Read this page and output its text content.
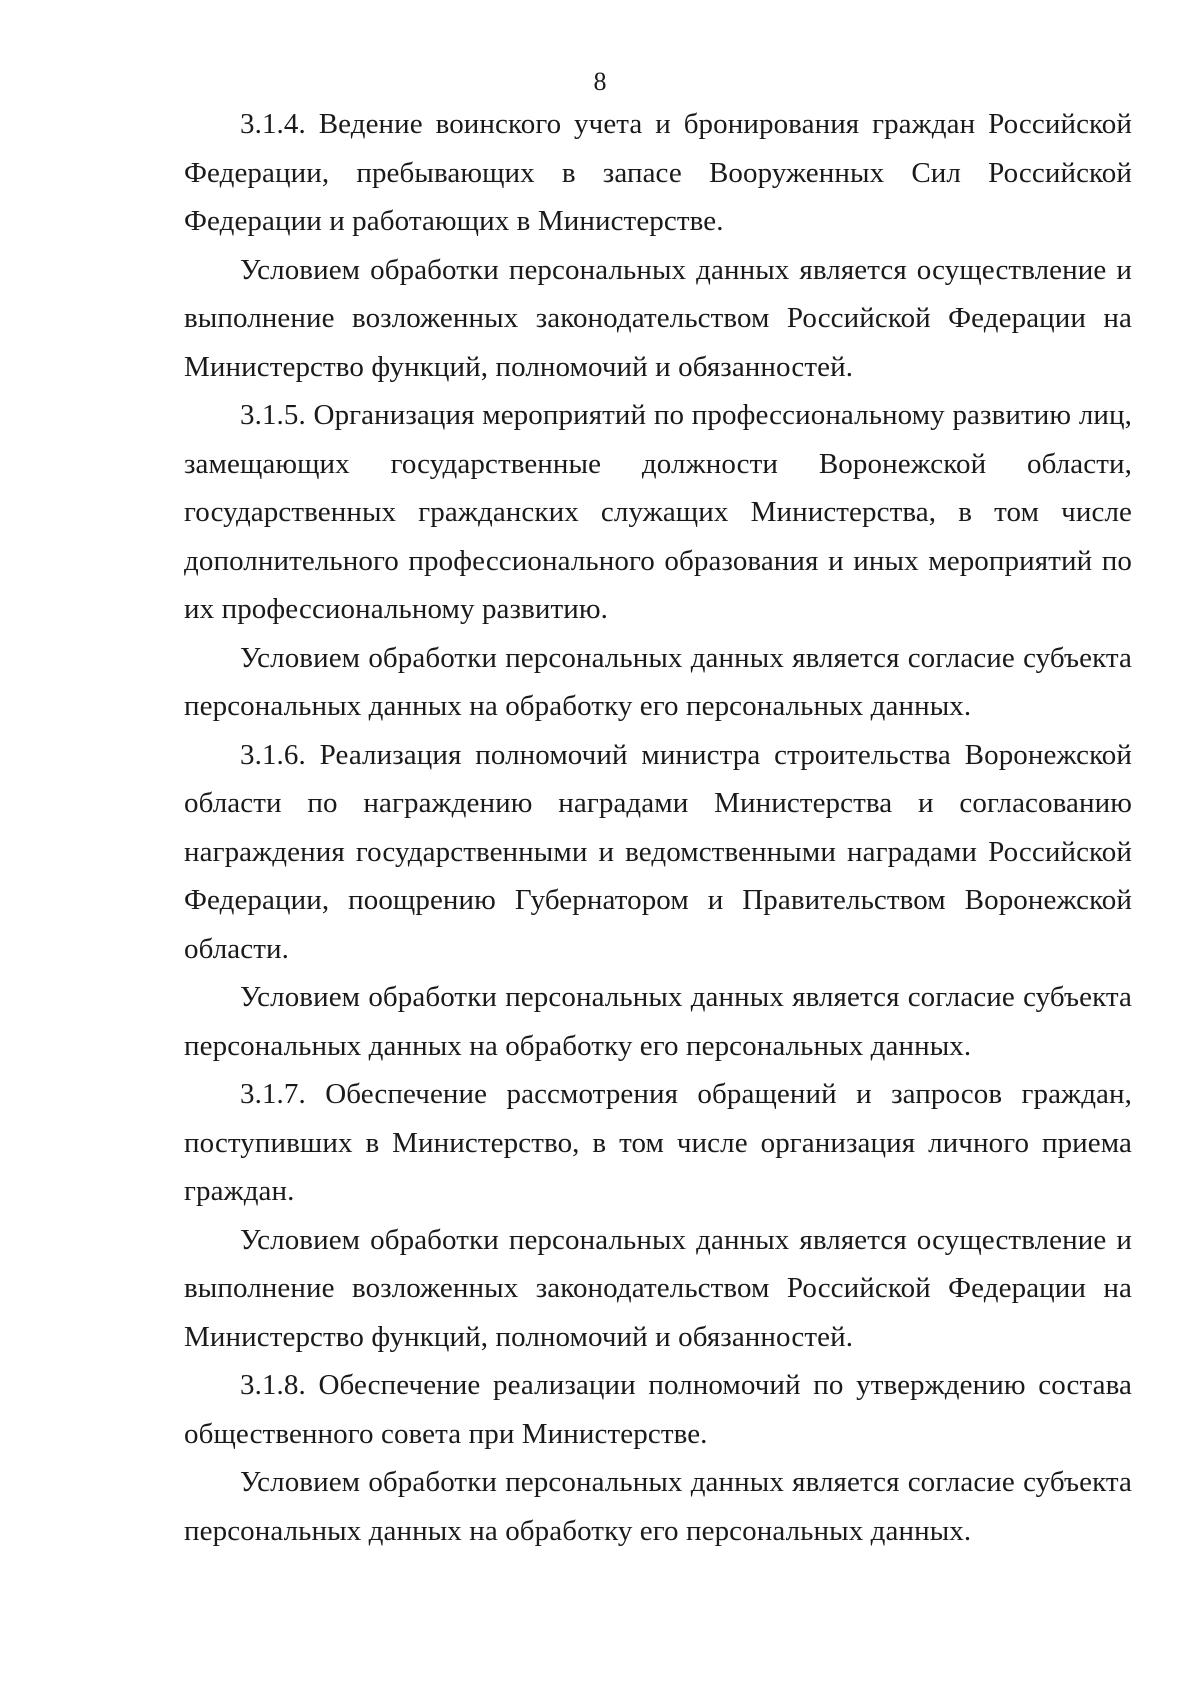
8

3.1.4. Ведение воинского учета и бронирования граждан Российской Федерации, пребывающих в запасе Вооруженных Сил Российской Федерации и работающих в Министерстве.

Условием обработки персональных данных является осуществление и выполнение возложенных законодательством Российской Федерации на Министерство функций, полномочий и обязанностей.

3.1.5. Организация мероприятий по профессиональному развитию лиц, замещающих государственные должности Воронежской области, государственных гражданских служащих Министерства, в том числе дополнительного профессионального образования и иных мероприятий по их профессиональному развитию.

Условием обработки персональных данных является согласие субъекта персональных данных на обработку его персональных данных.

3.1.6. Реализация полномочий министра строительства Воронежской области по награждению наградами Министерства и согласованию награждения государственными и ведомственными наградами Российской Федерации, поощрению Губернатором и Правительством Воронежской области.

Условием обработки персональных данных является согласие субъекта персональных данных на обработку его персональных данных.

3.1.7. Обеспечение рассмотрения обращений и запросов граждан, поступивших в Министерство, в том числе организация личного приема граждан.

Условием обработки персональных данных является осуществление и выполнение возложенных законодательством Российской Федерации на Министерство функций, полномочий и обязанностей.

3.1.8. Обеспечение реализации полномочий по утверждению состава общественного совета при Министерстве.

Условием обработки персональных данных является согласие субъекта персональных данных на обработку его персональных данных.
